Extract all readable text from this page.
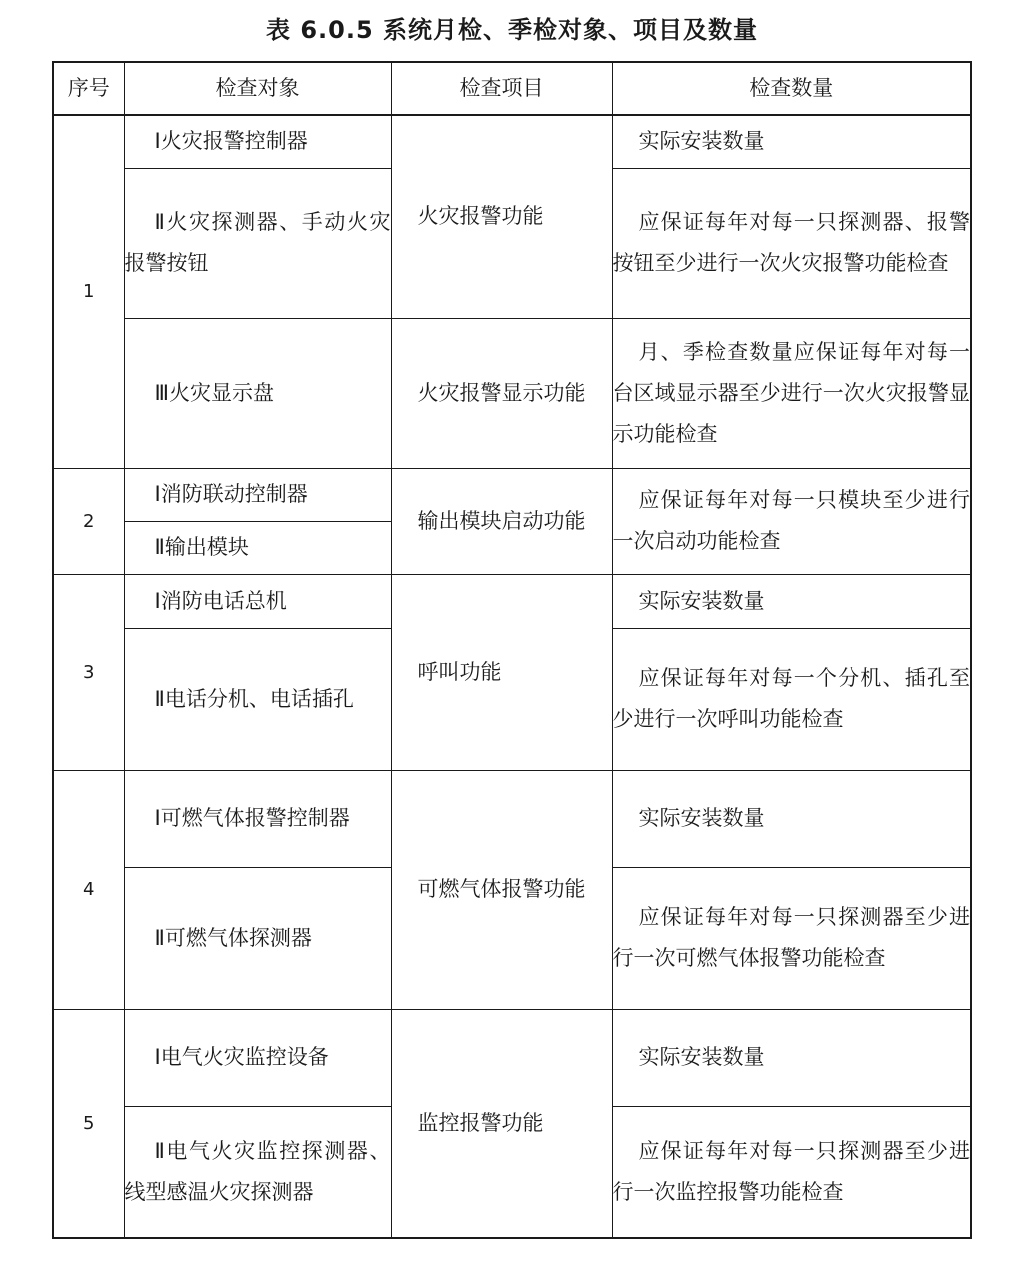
表 6.0.5 系统月检、季检对象、项目及数量
序号	检查对象	检查项目	检查数量
1	Ⅰ火灾报警控制器	火灾报警功能	实际安装数量

	Ⅱ火灾探测器、手动火灾报警按钮		应保证每年对每一只探测器、报警按钮至少进行一次火灾报警功能检查

	Ⅲ火灾显示盘	火灾报警显示功能	月、季检查数量应保证每年对每一台区域显示器至少进行一次火灾报警显示功能检查

2	Ⅰ消防联动控制器	输出模块启动功能	应保证每年对每一只模块至少进行一次启动功能检查

	Ⅱ输出模块		

3	Ⅰ消防电话总机	呼叫功能	实际安装数量

	Ⅱ电话分机、电话插孔		应保证每年对每一个分机、插孔至少进行一次呼叫功能检查

4	Ⅰ可燃气体报警控制器	可燃气体报警功能	实际安装数量

	Ⅱ可燃气体探测器		应保证每年对每一只探测器至少进行一次可燃气体报警功能检查

5	Ⅰ电气火灾监控设备	监控报警功能	实际安装数量

	Ⅱ电气火灾监控探测器、线型感温火灾探测器		应保证每年对每一只探测器至少进行一次监控报警功能检查
